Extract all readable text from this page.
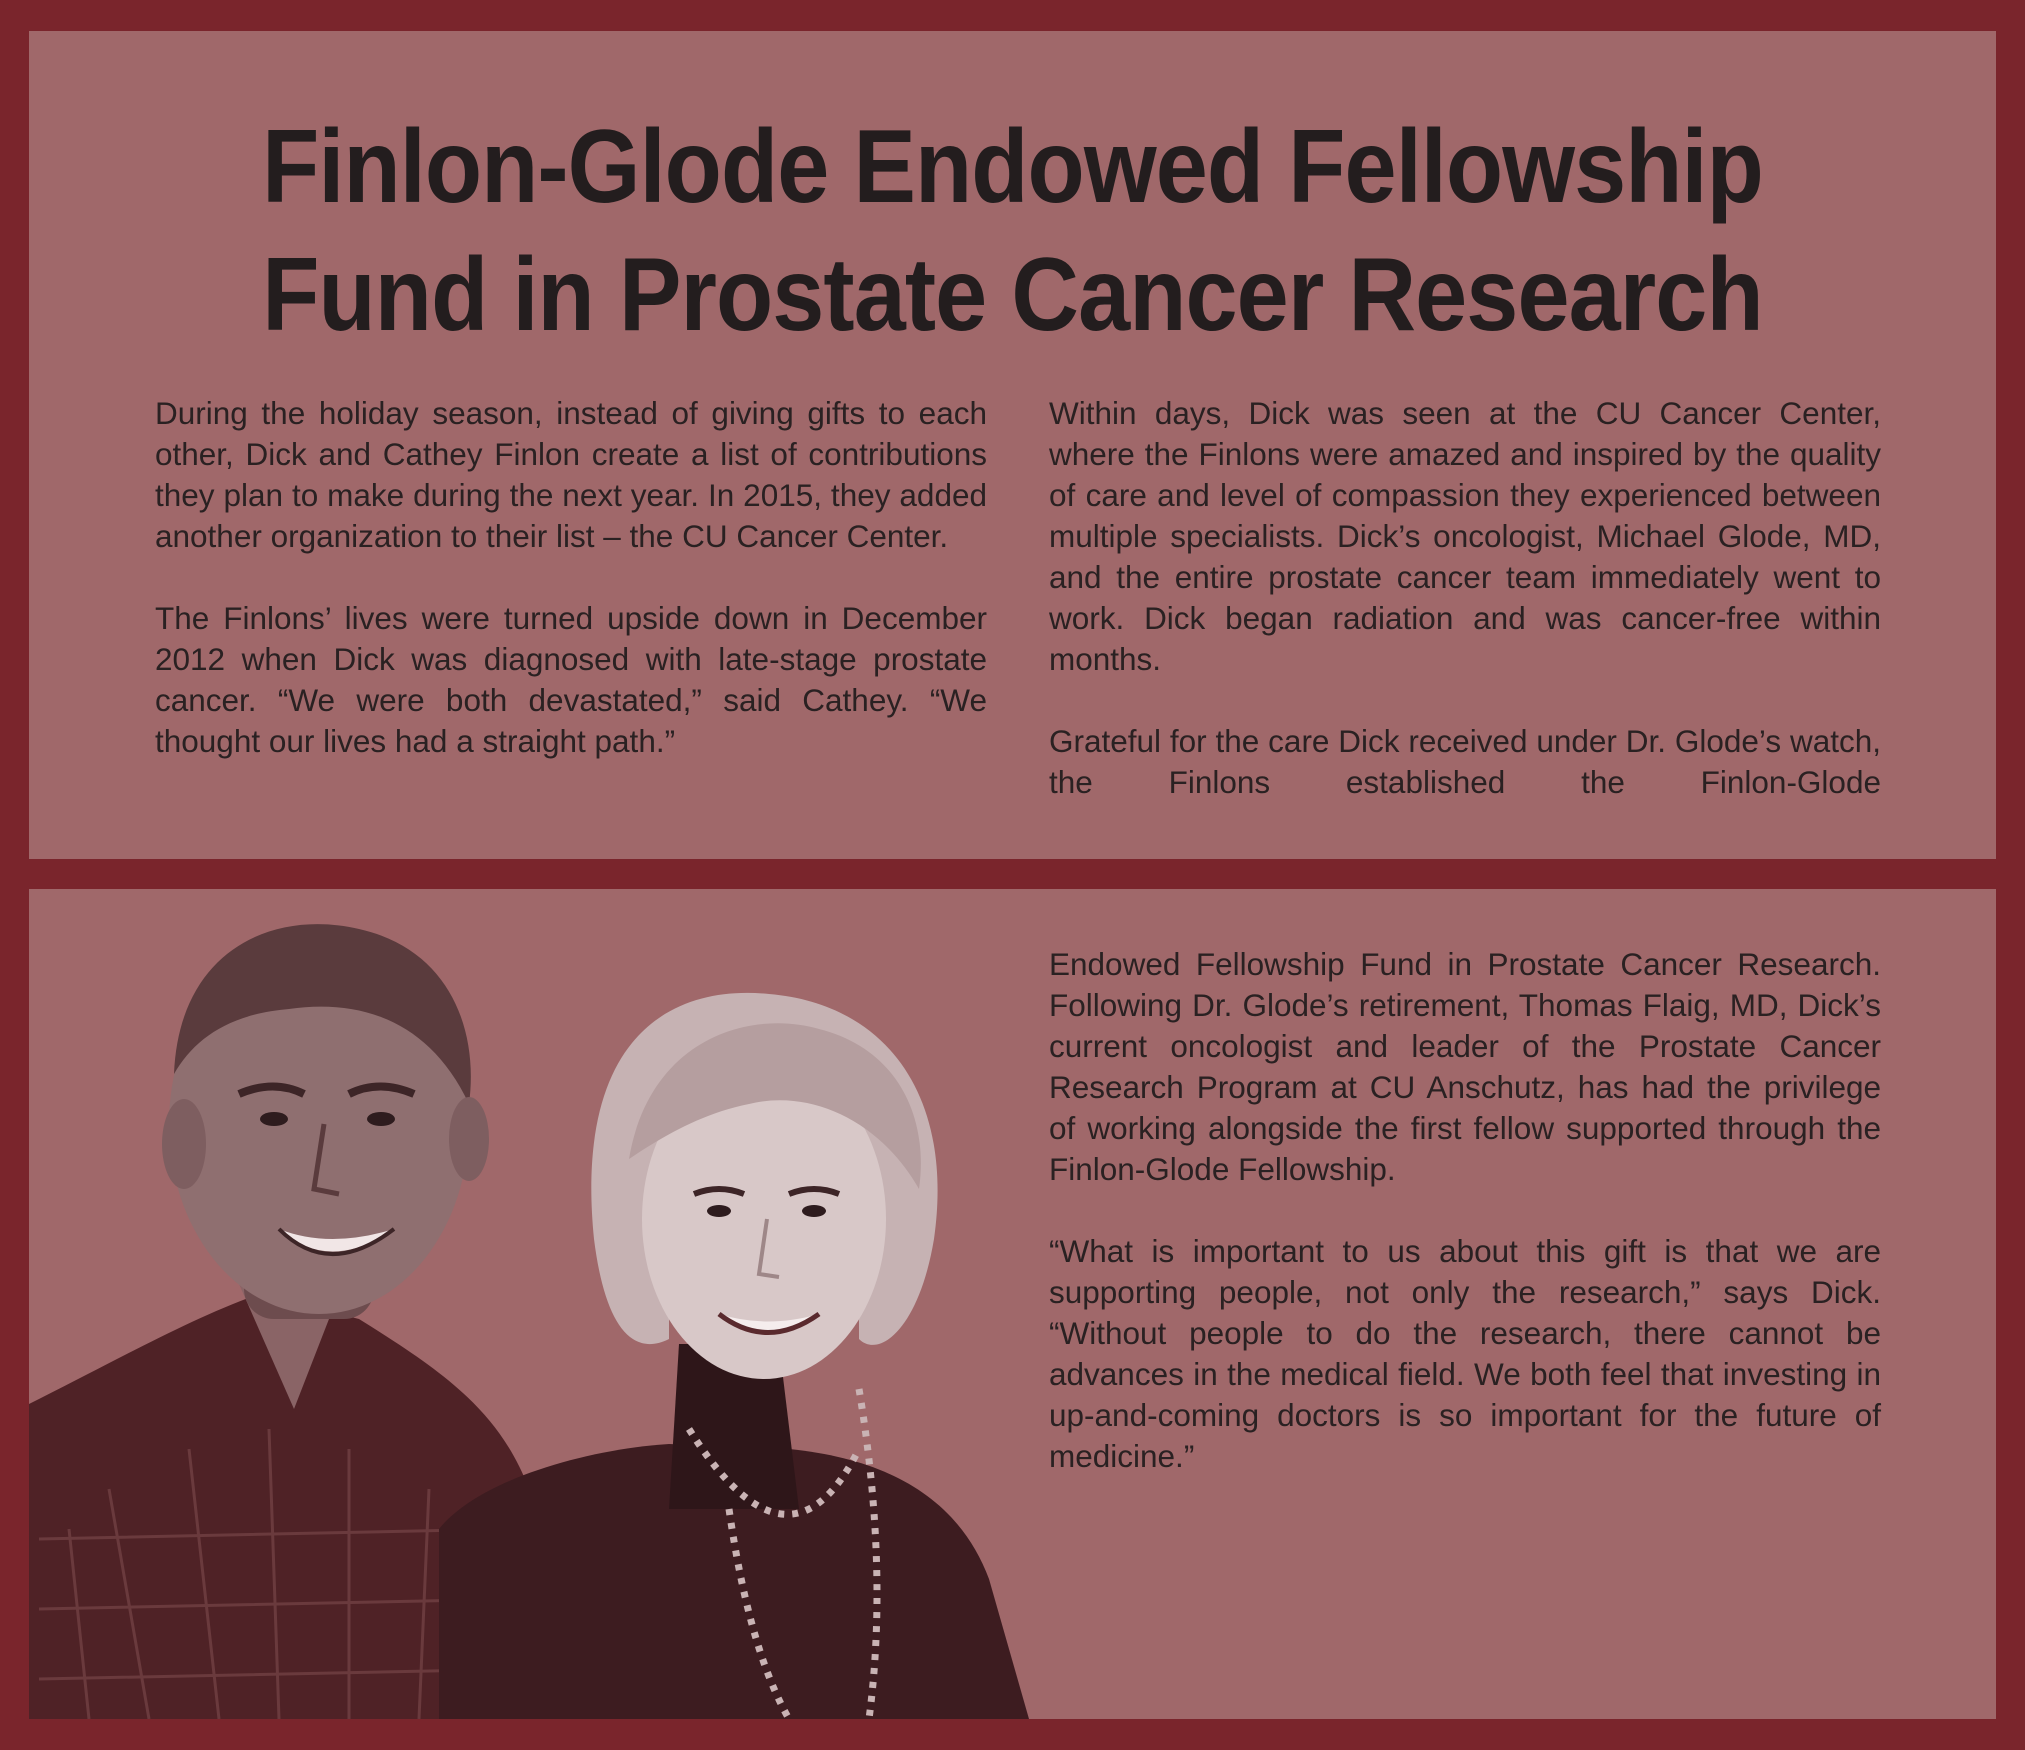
Finlon-Glode Endowed Fellowship
Fund in Prostate Cancer Research

During the holiday season, instead of giving gifts to each other, Dick and Cathey Finlon create a list of contributions they plan to make during the next year. In 2015, they added another organization to their list – the CU Cancer Center.

The Finlons’ lives were turned upside down in December 2012 when Dick was diagnosed with late-stage prostate cancer. “We were both devastated,” said Cathey. “We thought our lives had a straight path.”

Within days, Dick was seen at the CU Cancer Center, where the Finlons were amazed and inspired by the quality of care and level of compassion they experienced between multiple specialists. Dick’s oncologist, Michael Glode, MD, and the entire prostate cancer team immediately went to work. Dick began radiation and was cancer-free within months.

Grateful for the care Dick received under Dr. Glode’s watch, the Finlons established the Finlon-Glode

Endowed Fellowship Fund in Prostate Cancer Research. Following Dr. Glode’s retirement, Thomas Flaig, MD, Dick’s current oncologist and leader of the Prostate Cancer Research Program at CU Anschutz, has had the privilege of working alongside the first fellow supported through the Finlon-Glode Fellowship.

“What is important to us about this gift is that we are supporting people, not only the research,” says Dick. “Without people to do the research, there cannot be advances in the medical field. We both feel that investing in up-and-coming doctors is so important for the future of medicine.”
